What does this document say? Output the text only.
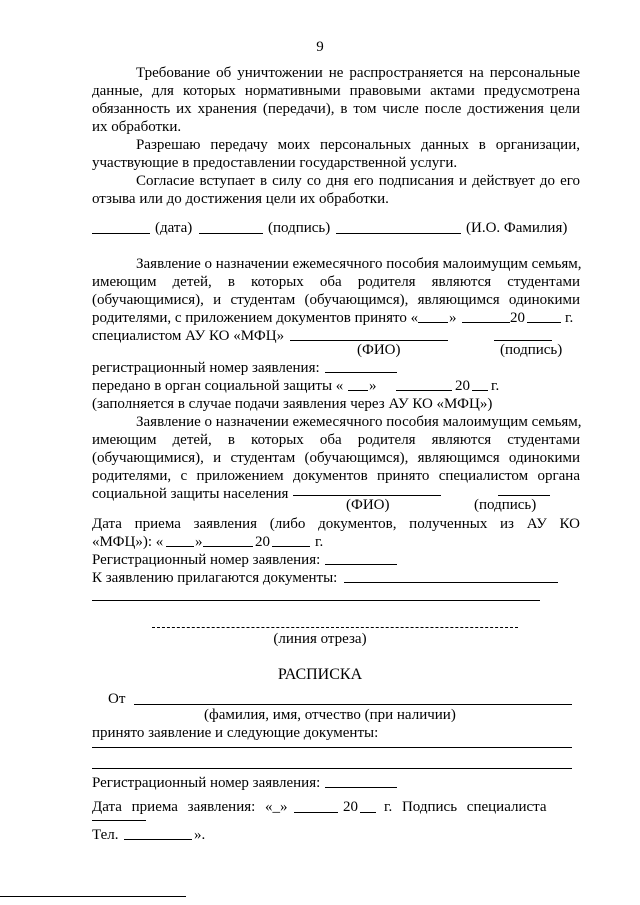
9
Требование об уничтожении не распространяется на персональные
данные, для которых нормативными правовыми актами предусмотрена
обязанность их хранения (передачи), в том числе после достижения цели
их обработки.
Разрешаю передачу моих персональных данных в организации,
участвующие в предоставлении государственной услуги.
Согласие вступает в силу со дня его подписания и действует до его
отзыва или до достижения цели их обработки.
(дата)	(подпись)	(И.О. Фамилия)
Заявление о назначении ежемесячного пособия малоимущим семьям,
имеющим детей, в которых оба родителя являются студентами
(обучающимися), и студентам (обучающимся), являющимся одинокими
родителями, с приложением документов принято « »	20	г.
специалистом АУ КО «МФЦ»
(ФИО)	(подпись)
регистрационный номер заявления:
передано в орган социальной защиты « »	20 г.
(заполняется в случае подачи заявления через АУ КО «МФЦ»)
Заявление о назначении ежемесячного пособия малоимущим семьям,
имеющим детей, в которых оба родителя являются студентами
(обучающимися), и студентам (обучающимся), являющимся одинокими
родителями, с приложением документов принято специалистом органа
социальной защиты населения
(ФИО)	(подпись)
Дата приема заявления (либо документов, полученных из АУ КО
«МФЦ»): « »	20	г.
Регистрационный номер заявления:
К заявлению прилагаются документы:
(линия отреза)
РАСПИСКА
От
(фамилия, имя, отчество (при наличии)
принято заявление и следующие документы:
Регистрационный номер заявления:
Дата приема заявления: «_»	20 г. Подпись специалиста
Тел.	».
